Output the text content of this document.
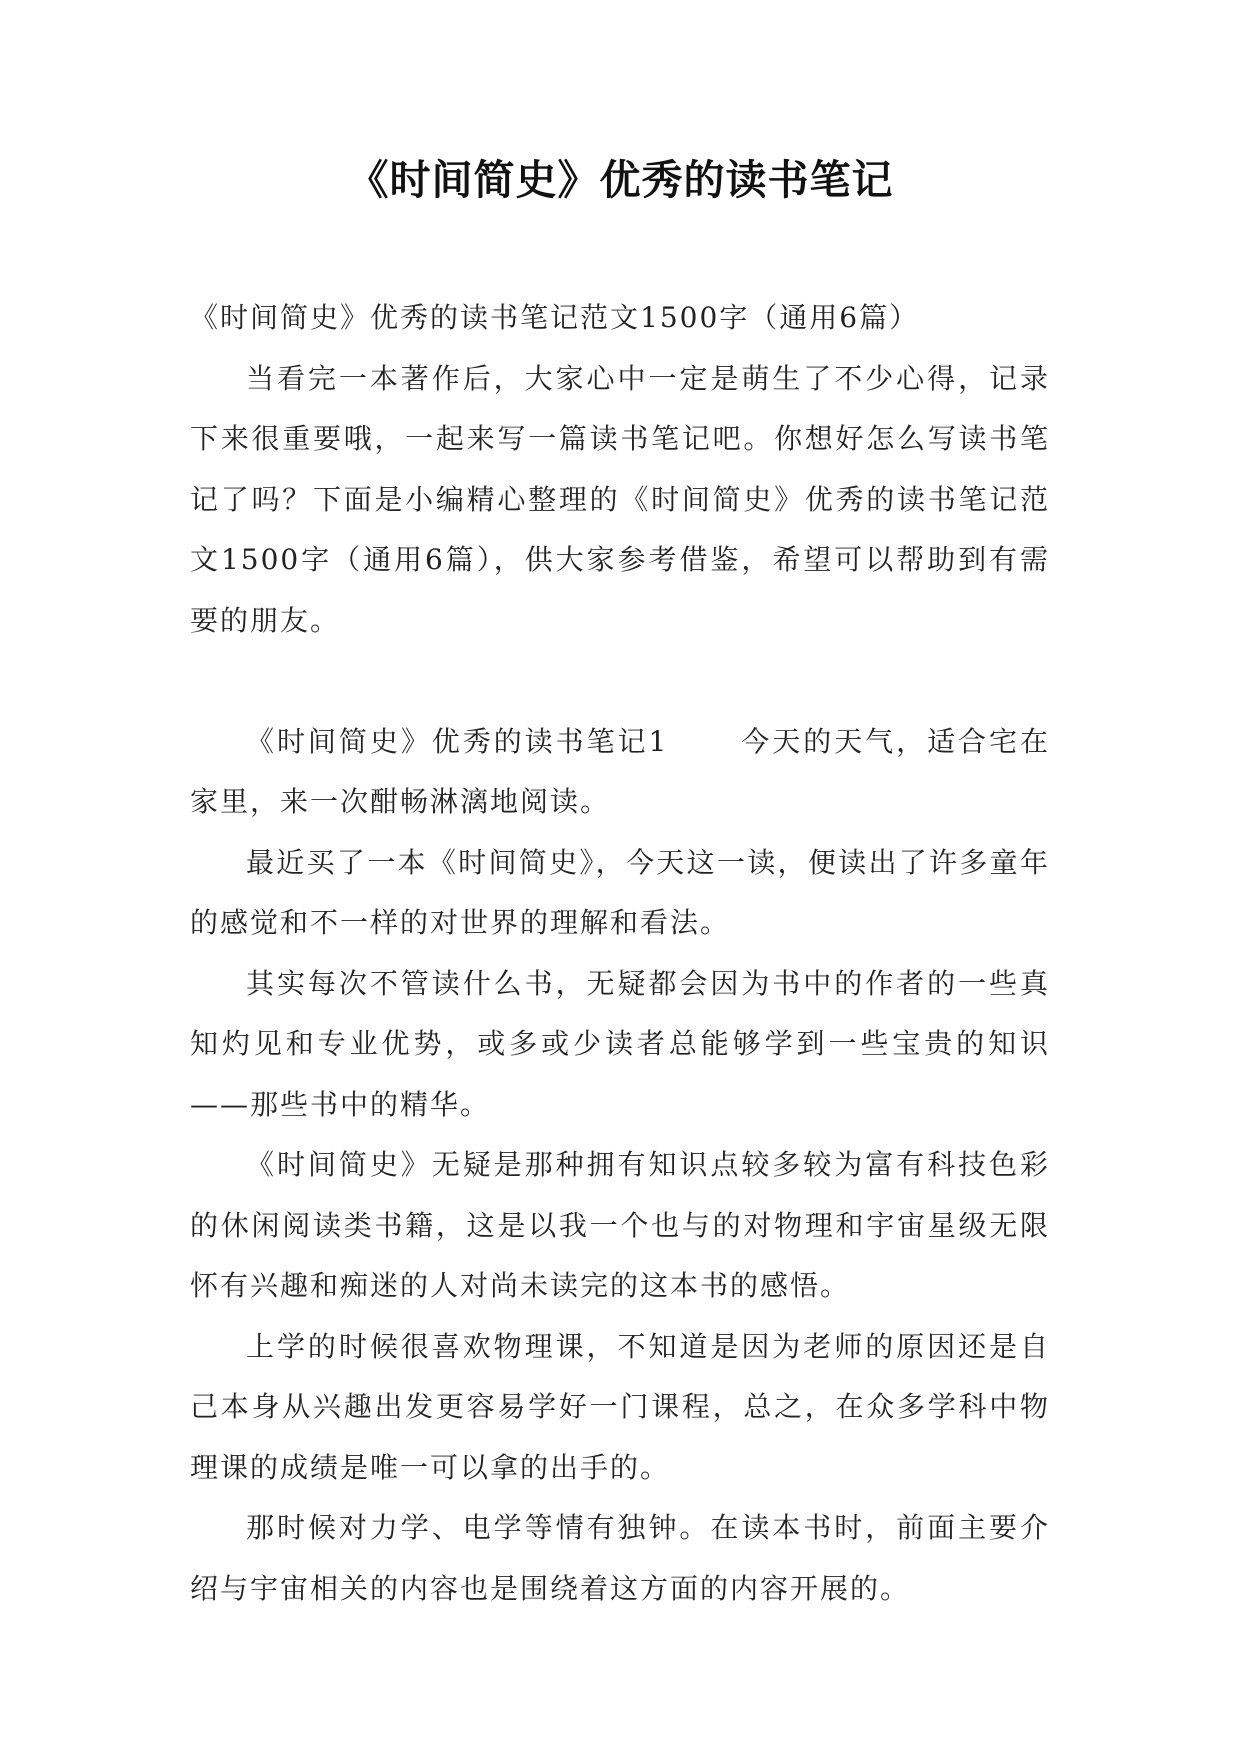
《时间简史》优秀的读书笔记

《时间简史》优秀的读书笔记范文1500字（通用6篇）

当看完一本著作后，大家心中一定是萌生了不少心得，记录下来很重要哦，一起来写一篇读书笔记吧。你想好怎么写读书笔记了吗？下面是小编精心整理的《时间简史》优秀的读书笔记范文1500字（通用6篇），供大家参考借鉴，希望可以帮助到有需要的朋友。

《时间简史》优秀的读书笔记1	今天的天气，适合宅在家里，来一次酣畅淋漓地阅读。

最近买了一本《时间简史》，今天这一读，便读出了许多童年的感觉和不一样的对世界的理解和看法。

其实每次不管读什么书，无疑都会因为书中的作者的一些真知灼见和专业优势，或多或少读者总能够学到一些宝贵的知识——那些书中的精华。

《时间简史》无疑是那种拥有知识点较多较为富有科技色彩的休闲阅读类书籍，这是以我一个也与的对物理和宇宙星级无限怀有兴趣和痴迷的人对尚未读完的这本书的感悟。

上学的时候很喜欢物理课，不知道是因为老师的原因还是自己本身从兴趣出发更容易学好一门课程，总之，在众多学科中物理课的成绩是唯一可以拿的出手的。

那时候对力学、电学等情有独钟。在读本书时，前面主要介绍与宇宙相关的内容也是围绕着这方面的内容开展的。
